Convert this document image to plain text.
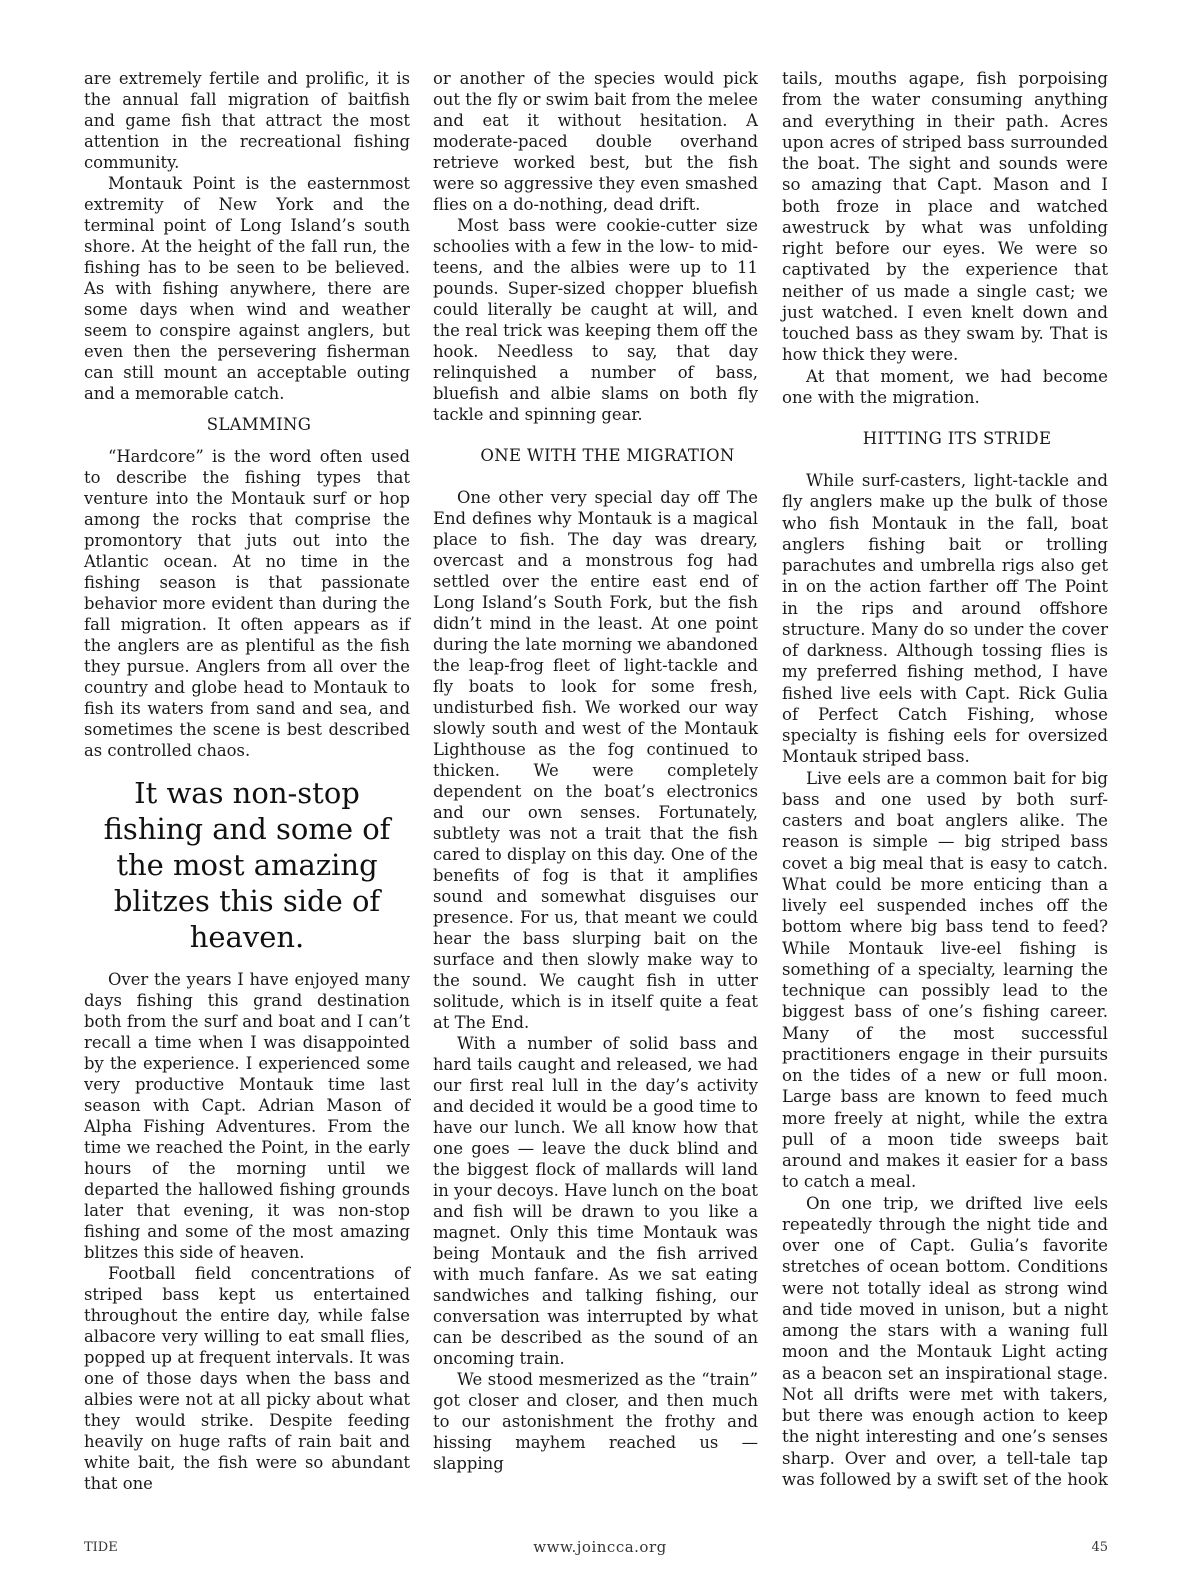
are extremely fertile and prolific, it is the annual fall migration of baitfish and game fish that attract the most attention in the recreational fishing community.

Montauk Point is the easternmost extremity of New York and the terminal point of Long Island’s south shore. At the height of the fall run, the fishing has to be seen to be believed. As with fishing anywhere, there are some days when wind and weather seem to conspire against anglers, but even then the persevering fisherman can still mount an acceptable outing and a memorable catch.

SLAMMING

“Hardcore” is the word often used to describe the fishing types that venture into the Montauk surf or hop among the rocks that comprise the promontory that juts out into the Atlantic ocean. At no time in the fishing season is that passionate behavior more evident than during the fall migration. It often appears as if the anglers are as plentiful as the fish they pursue. Anglers from all over the country and globe head to Montauk to fish its waters from sand and sea, and sometimes the scene is best described as controlled chaos.

It was non-stop fishing and some of the most amazing blitzes this side of heaven.

Over the years I have enjoyed many days fishing this grand destination both from the surf and boat and I can’t recall a time when I was disappointed by the experience. I experienced some very productive Montauk time last season with Capt. Adrian Mason of Alpha Fishing Adventures. From the time we reached the Point, in the early hours of the morning until we departed the hallowed fishing grounds later that evening, it was non-stop fishing and some of the most amazing blitzes this side of heaven.

Football field concentrations of striped bass kept us entertained throughout the entire day, while false albacore very willing to eat small flies, popped up at frequent intervals. It was one of those days when the bass and albies were not at all picky about what they would strike. Despite feeding heavily on huge rafts of rain bait and white bait, the fish were so abundant that one

or another of the species would pick out the fly or swim bait from the melee and eat it without hesitation. A moderate-paced double overhand retrieve worked best, but the fish were so aggressive they even smashed flies on a do-nothing, dead drift.

Most bass were cookie-cutter size schoolies with a few in the low- to mid-teens, and the albies were up to 11 pounds. Super-sized chopper bluefish could literally be caught at will, and the real trick was keeping them off the hook. Needless to say, that day relinquished a number of bass, bluefish and albie slams on both fly tackle and spinning gear.

ONE WITH THE MIGRATION

One other very special day off The End defines why Montauk is a magical place to fish. The day was dreary, overcast and a monstrous fog had settled over the entire east end of Long Island’s South Fork, but the fish didn’t mind in the least. At one point during the late morning we abandoned the leap-frog fleet of light-tackle and fly boats to look for some fresh, undisturbed fish. We worked our way slowly south and west of the Montauk Lighthouse as the fog continued to thicken. We were completely dependent on the boat’s electronics and our own senses. Fortunately, subtlety was not a trait that the fish cared to display on this day. One of the benefits of fog is that it amplifies sound and somewhat disguises our presence. For us, that meant we could hear the bass slurping bait on the surface and then slowly make way to the sound. We caught fish in utter solitude, which is in itself quite a feat at The End.

With a number of solid bass and hard tails caught and released, we had our first real lull in the day’s activity and decided it would be a good time to have our lunch. We all know how that one goes — leave the duck blind and the biggest flock of mallards will land in your decoys. Have lunch on the boat and fish will be drawn to you like a magnet. Only this time Montauk was being Montauk and the fish arrived with much fanfare. As we sat eating sandwiches and talking fishing, our conversation was interrupted by what can be described as the sound of an oncoming train.

We stood mesmerized as the “train” got closer and closer, and then much to our astonishment the frothy and hissing mayhem reached us — slapping

tails, mouths agape, fish porpoising from the water consuming anything and everything in their path. Acres upon acres of striped bass surrounded the boat. The sight and sounds were so amazing that Capt. Mason and I both froze in place and watched awestruck by what was unfolding right before our eyes. We were so captivated by the experience that neither of us made a single cast; we just watched. I even knelt down and touched bass as they swam by. That is how thick they were.

At that moment, we had become one with the migration.

HITTING ITS STRIDE

While surf-casters, light-tackle and fly anglers make up the bulk of those who fish Montauk in the fall, boat anglers fishing bait or trolling parachutes and umbrella rigs also get in on the action farther off The Point in the rips and around offshore structure. Many do so under the cover of darkness. Although tossing flies is my preferred fishing method, I have fished live eels with Capt. Rick Gulia of Perfect Catch Fishing, whose specialty is fishing eels for oversized Montauk striped bass.

Live eels are a common bait for big bass and one used by both surf-casters and boat anglers alike. The reason is simple — big striped bass covet a big meal that is easy to catch. What could be more enticing than a lively eel suspended inches off the bottom where big bass tend to feed? While Montauk live-eel fishing is something of a specialty, learning the technique can possibly lead to the biggest bass of one’s fishing career. Many of the most successful practitioners engage in their pursuits on the tides of a new or full moon. Large bass are known to feed much more freely at night, while the extra pull of a moon tide sweeps bait around and makes it easier for a bass to catch a meal.

On one trip, we drifted live eels repeatedly through the night tide and over one of Capt. Gulia’s favorite stretches of ocean bottom. Conditions were not totally ideal as strong wind and tide moved in unison, but a night among the stars with a waning full moon and the Montauk Light acting as a beacon set an inspirational stage. Not all drifts were met with takers, but there was enough action to keep the night interesting and one’s senses sharp. Over and over, a tell-tale tap was followed by a swift set of the hook

TIDE	www.joincca.org	45
